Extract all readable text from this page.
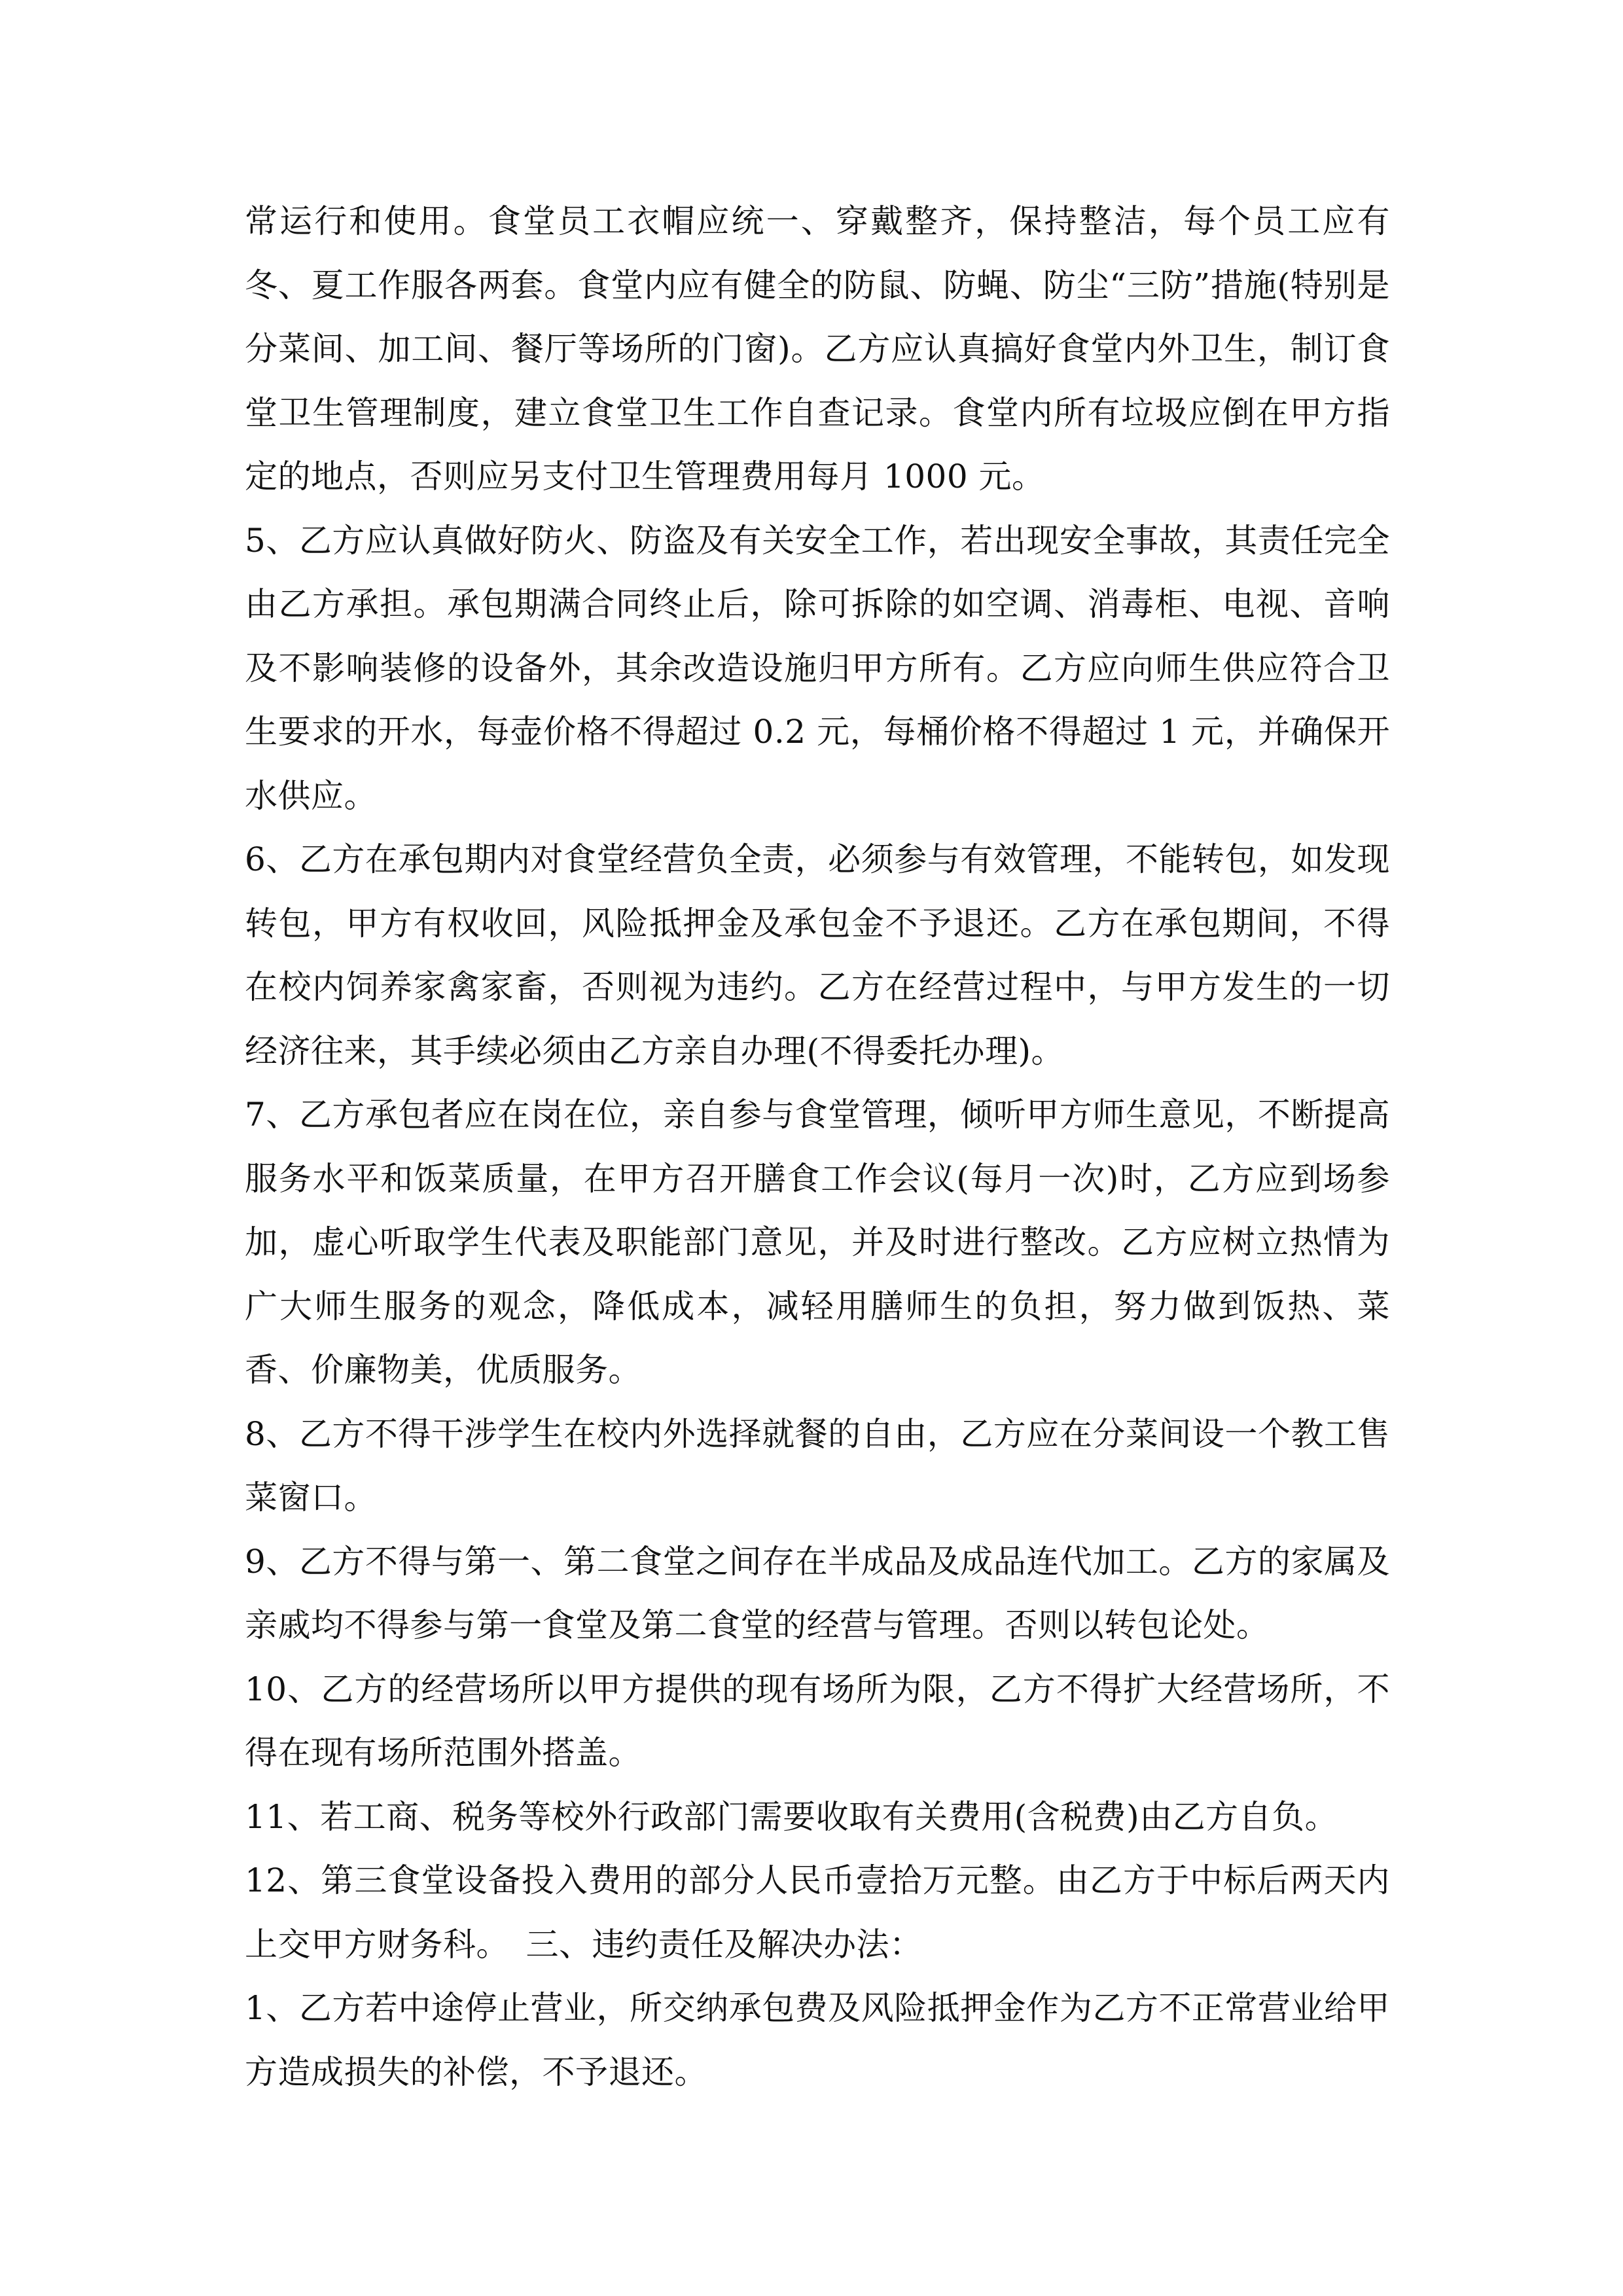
常运行和使用。食堂员工衣帽应统一、穿戴整齐，保持整洁，每个员工应有冬、夏工作服各两套。食堂内应有健全的防鼠、防蝇、防尘“三防”措施(特别是分菜间、加工间、餐厅等场所的门窗)。乙方应认真搞好食堂内外卫生，制订食堂卫生管理制度，建立食堂卫生工作自查记录。食堂内所有垃圾应倒在甲方指定的地点，否则应另支付卫生管理费用每月 1000 元。

5、乙方应认真做好防火、防盗及有关安全工作，若出现安全事故，其责任完全由乙方承担。承包期满合同终止后，除可拆除的如空调、消毒柜、电视、音响及不影响装修的设备外，其余改造设施归甲方所有。乙方应向师生供应符合卫生要求的开水，每壶价格不得超过 0.2 元，每桶价格不得超过 1 元，并确保开水供应。

6、乙方在承包期内对食堂经营负全责，必须参与有效管理，不能转包，如发现转包，甲方有权收回，风险抵押金及承包金不予退还。乙方在承包期间，不得在校内饲养家禽家畜，否则视为违约。乙方在经营过程中，与甲方发生的一切经济往来，其手续必须由乙方亲自办理(不得委托办理)。

7、乙方承包者应在岗在位，亲自参与食堂管理，倾听甲方师生意见，不断提高服务水平和饭菜质量，在甲方召开膳食工作会议(每月一次)时，乙方应到场参加，虚心听取学生代表及职能部门意见，并及时进行整改。乙方应树立热情为广大师生服务的观念，降低成本，减轻用膳师生的负担，努力做到饭热、菜香、价廉物美，优质服务。

8、乙方不得干涉学生在校内外选择就餐的自由，乙方应在分菜间设一个教工售菜窗口。

9、乙方不得与第一、第二食堂之间存在半成品及成品连代加工。乙方的家属及亲戚均不得参与第一食堂及第二食堂的经营与管理。否则以转包论处。

10、乙方的经营场所以甲方提供的现有场所为限，乙方不得扩大经营场所，不得在现有场所范围外搭盖。

11、若工商、税务等校外行政部门需要收取有关费用(含税费)由乙方自负。

12、第三食堂设备投入费用的部分人民币壹拾万元整。由乙方于中标后两天内上交甲方财务科。　三、违约责任及解决办法：

1、乙方若中途停止营业，所交纳承包费及风险抵押金作为乙方不正常营业给甲方造成损失的补偿，不予退还。
